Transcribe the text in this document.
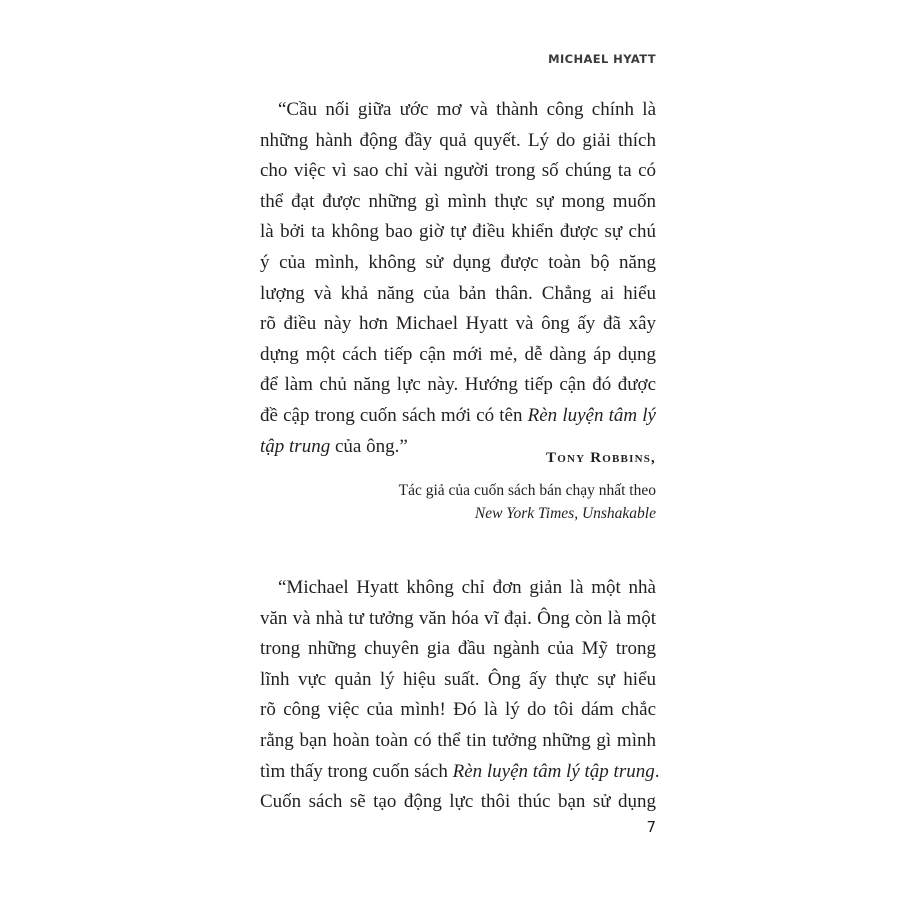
MICHAEL HYATT
“Cầu nối giữa ước mơ và thành công chính là
những hành động đầy quả quyết. Lý do giải thích
cho việc vì sao chỉ vài người trong số chúng ta có
thể đạt được những gì mình thực sự mong muốn
là bởi ta không bao giờ tự điều khiển được sự chú
ý của mình, không sử dụng được toàn bộ năng
lượng và khả năng của bản thân. Chẳng ai hiểu
rõ điều này hơn Michael Hyatt và ông ấy đã xây
dựng một cách tiếp cận mới mẻ, dễ dàng áp dụng
để làm chủ năng lực này. Hướng tiếp cận đó được
đề cập trong cuốn sách mới có tên Rèn luyện tâm lý
tập trung của ông.”
Tony Robbins,
Tác giả của cuốn sách bán chạy nhất theo
New York Times, Unshakable
“Michael Hyatt không chỉ đơn giản là một nhà
văn và nhà tư tưởng văn hóa vĩ đại. Ông còn là một
trong những chuyên gia đầu ngành của Mỹ trong
lĩnh vực quản lý hiệu suất. Ông ấy thực sự hiểu
rõ công việc của mình! Đó là lý do tôi dám chắc
rằng bạn hoàn toàn có thể tin tưởng những gì mình
tìm thấy trong cuốn sách Rèn luyện tâm lý tập trung.
Cuốn sách sẽ tạo động lực thôi thúc bạn sử dụng
7
